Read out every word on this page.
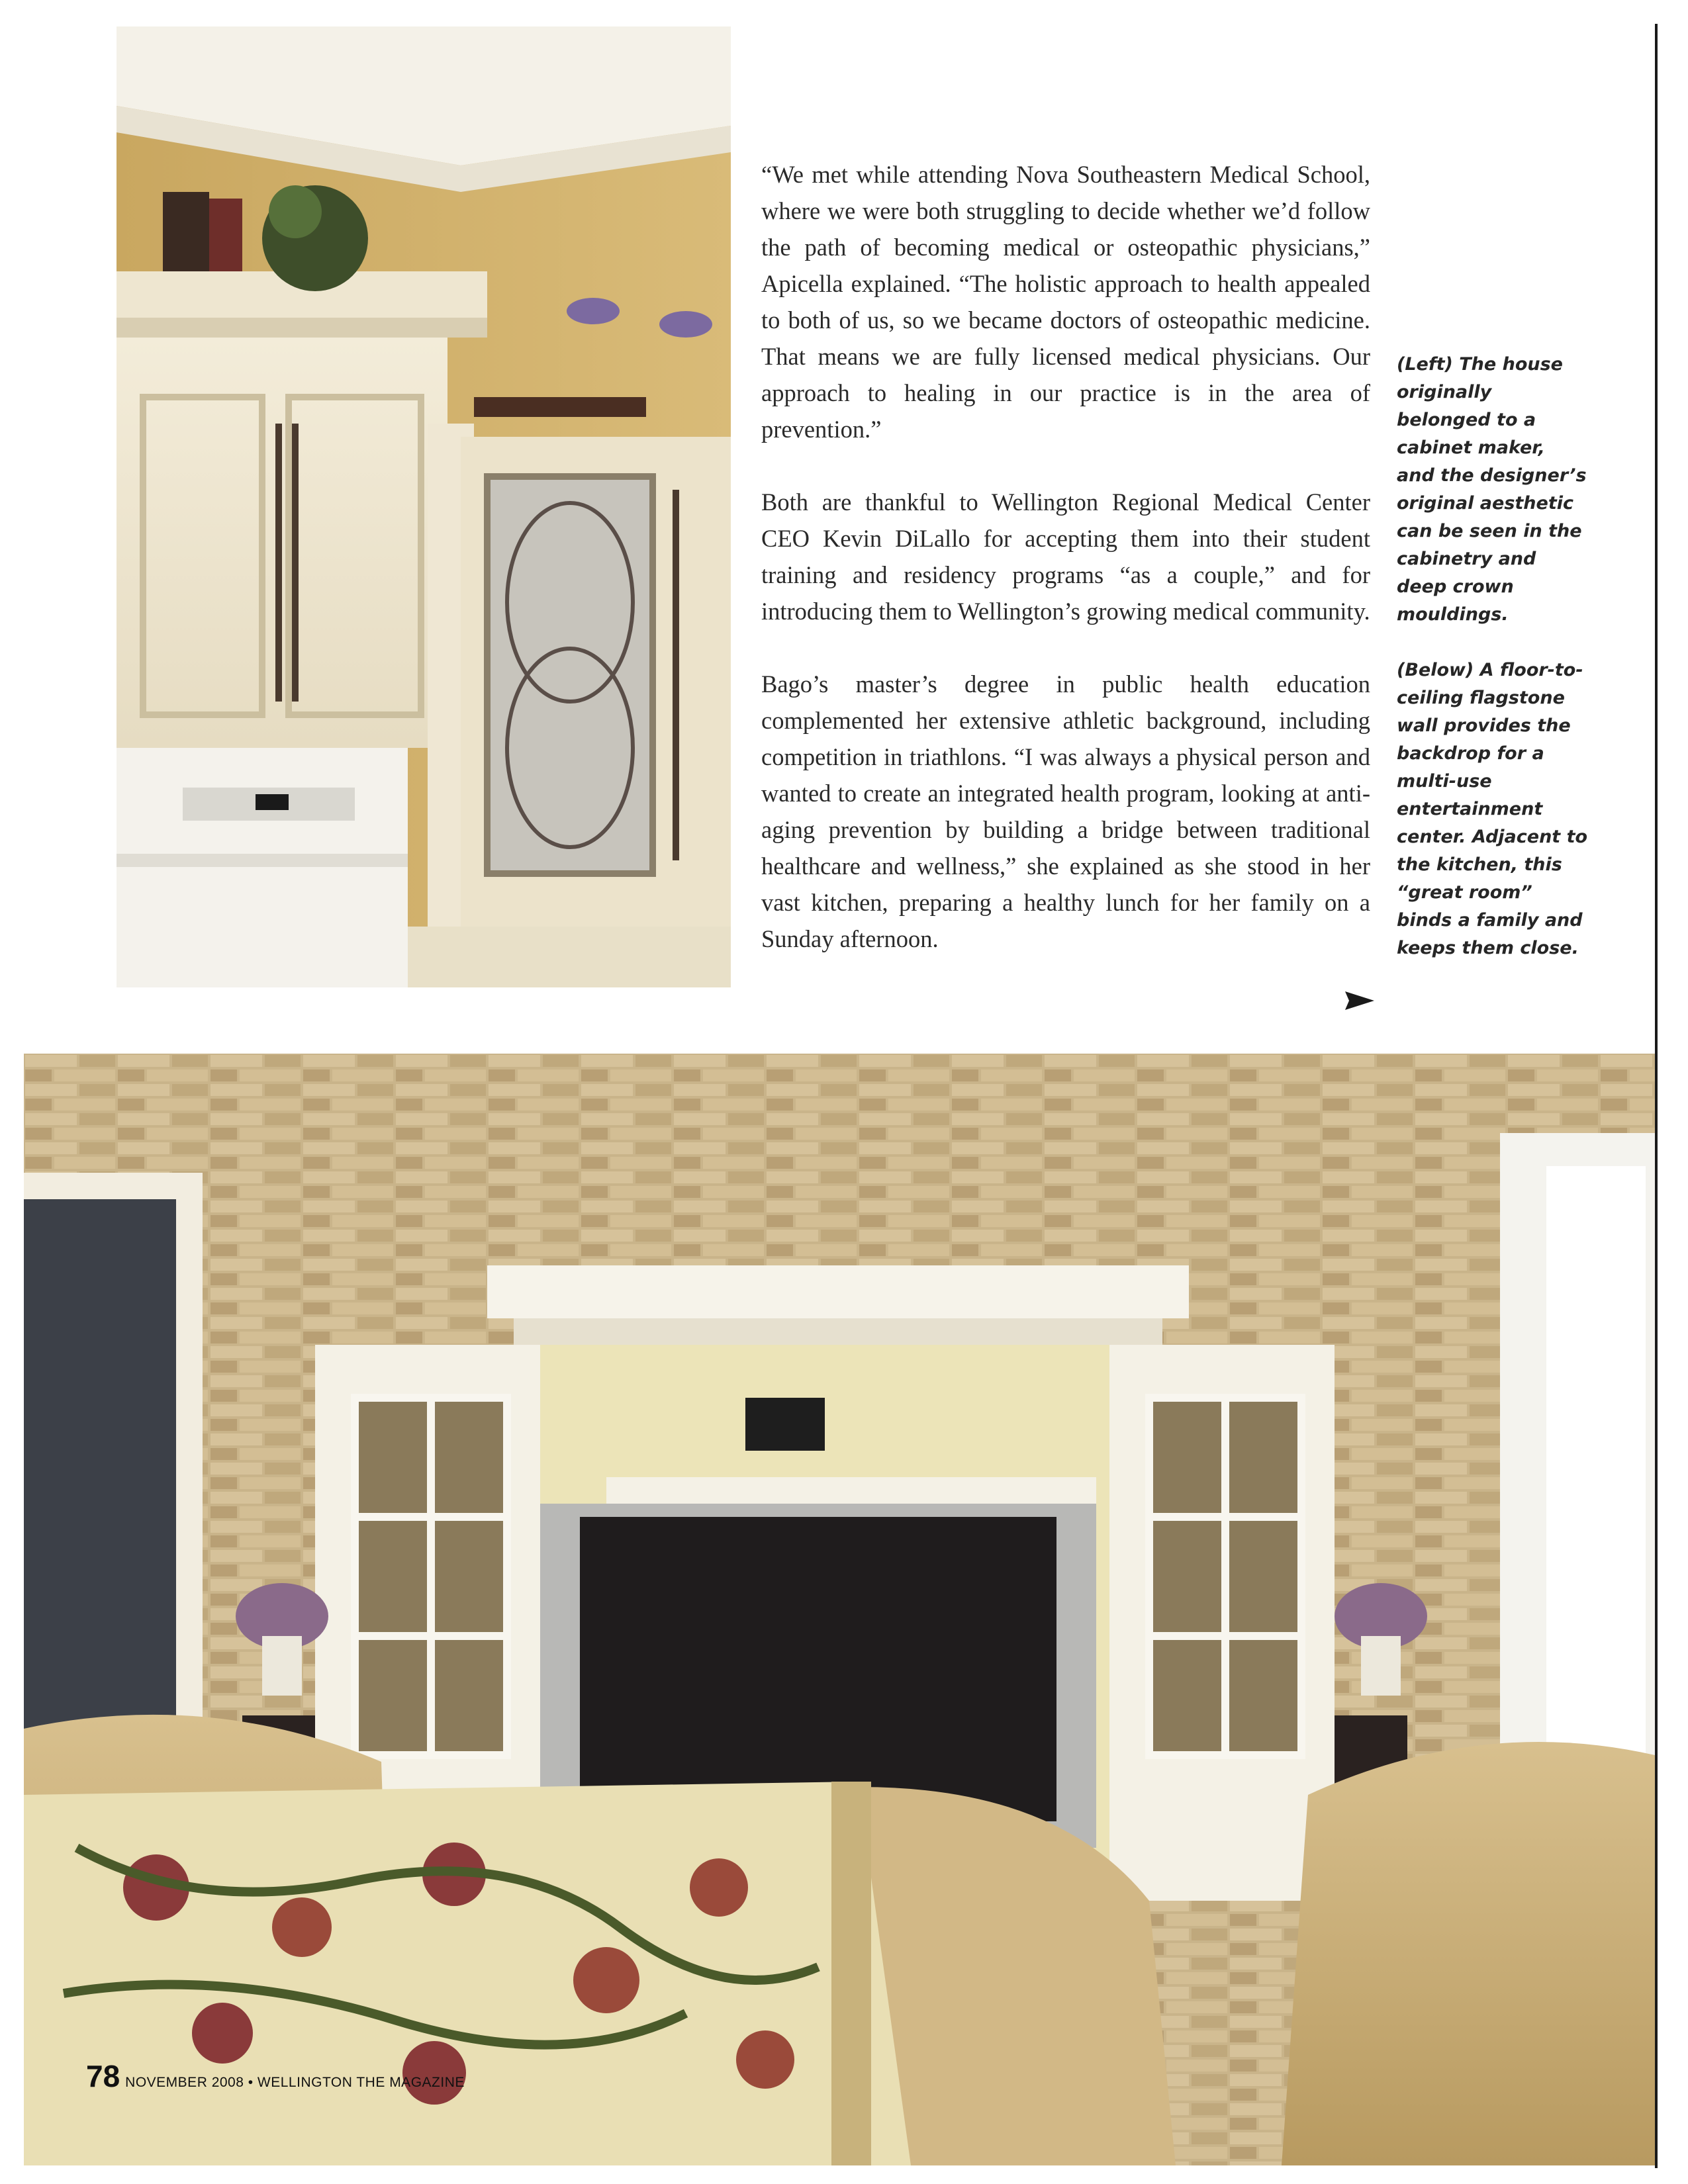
“We met while attending Nova Southeastern Medical School, where we were both struggling to decide whether we’d follow the path of becoming medical or osteopathic physicians,” Apicella explained. “The holistic approach to health appealed to both of us, so we became doctors of osteopathic medicine. That means we are fully licensed medical physicians. Our approach to healing in our practice is in the area of prevention.”

Both are thankful to Wellington Regional Medical Center CEO Kevin DiLallo for accepting them into their student training and residency programs “as a couple,” and for introducing them to Wellington’s growing medical community.

Bago’s master’s degree in public health education complemented her extensive athletic background, including competition in triathlons. “I was always a physical person and wanted to create an integrated health program, looking at anti-aging prevention by building a bridge between traditional healthcare and wellness,” she explained as she stood in her vast kitchen, preparing a healthy lunch for her family on a Sunday afternoon.

(Left) The house originally belonged to a cabinet maker, and the designer’s original aesthetic can be seen in the cabinetry and deep crown mouldings.

(Below) A floor-to-ceiling flagstone wall provides the backdrop for a multi-use entertainment center. Adjacent to the kitchen, this “great room” binds a family and keeps them close.

78 NOVEMBER 2008 • WELLINGTON THE MAGAZINE
